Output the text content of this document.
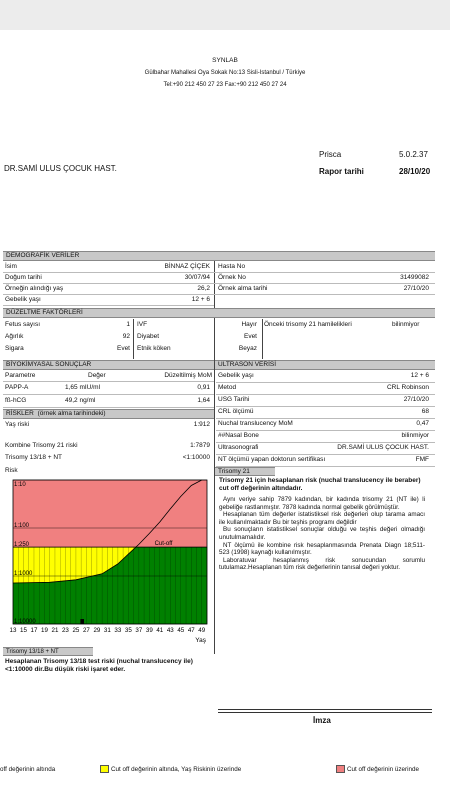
SYNLAB
Gülbahar Mahallesi Oya Sokak No:13 Sisli-Istanbul / Türkiye
Tel:+90 212 450 27 23 Fax:+90 212 450 27 24
Prisca	5.0.2.37
Rapor tarihi	28/10/20
DR.SAMİ ULUS ÇOCUK HAST.
DEMOGRAFİK VERİLER
İsim	BİNNAZ ÇİÇEK Hasta No
Doğum tarihi	30/07/94 Örnek No	31499082
Örneğin alındığı yaş	26,2 Örnek alma tarihi	27/10/20
Gebelik yaşı	12 + 6
DÜZELTME FAKTÖRLERİ
Fetus sayısı	1 IVF	Hayır Önceki trisomy 21 hamilelikleri	bilinmiyor
Ağırlık	92 Diyabet	Evet
Sigara	Evet Etnik köken	Beyaz
BİYOKİMYASAL SONUÇLAR	ULTRASON VERİSİ
Parametre	Değer	Düzeltilmiş MoM
PAPP-A	1,65 mIU/ml	0,91
fß-hCG	49,2 ng/ml	1,64
RİSKLER (örnek alma tarihindeki)
Yaş riski	1:912
Kombine Trisomy 21 riski	1:7879
Trisomy 13/18 + NT	<1:10000
Gebelik yaşı	12 + 6
Metod	CRL Robinson
USG Tarihi	27/10/20
CRL ölçümü	68
Nuchal translucency MoM	0,47
##Nasal Bone	bilinmiyor
Ultrasonografi	DR.SAMİ ULUS ÇOCUK HAST.
NT ölçümü yapan doktorun sertifikası	FMF
Risk
Cut-off
1:10
1:100
1:250
1:1000
1:10000
13 15 17 19 21 23 25 27 29 31 33 35 37 39 41 43 45 47 49
Yaş
Trisomy 21
Trisomy 21 için hesaplanan risk (nuchal translucency ile beraber) cut off değerinin altındadır.
Aynı veriye sahip 7879 kadından, bir kadında trisomy 21 (NT ile) li gebeliğe rastlanmıştır. 7878 kadında normal gebelik görülmüştür.
Hesaplanan tüm değerler istatistiksel risk değerleri olup tarama amacı ile kullanılmaktadır Bu bir teşhis programı değildir
Bu sonuçların istatistiksel sonuçlar olduğu ve teşhis değeri olmadığı unutulmamalıdır.
NT ölçümü ile kombine risk hesaplanmasında Prenata Diagn 18;511-523 (1998) kaynağı kullanılmıştır.
Laboratuvar hesaplanmış risk sonucundan sorumlu tutulamaz.Hesaplanan tüm risk değerlerinin tanısal değeri yoktur.
Trisomy 13/18 + NT
Hesaplanan Trisomy 13/18 test riski (nuchal translucency ile) <1:10000 dir.Bu düşük riski işaret eder.
İmza
off değerinin altında	Cut off değerinin altında, Yaş Riskinin üzerinde	Cut off değerinin üzerinde
